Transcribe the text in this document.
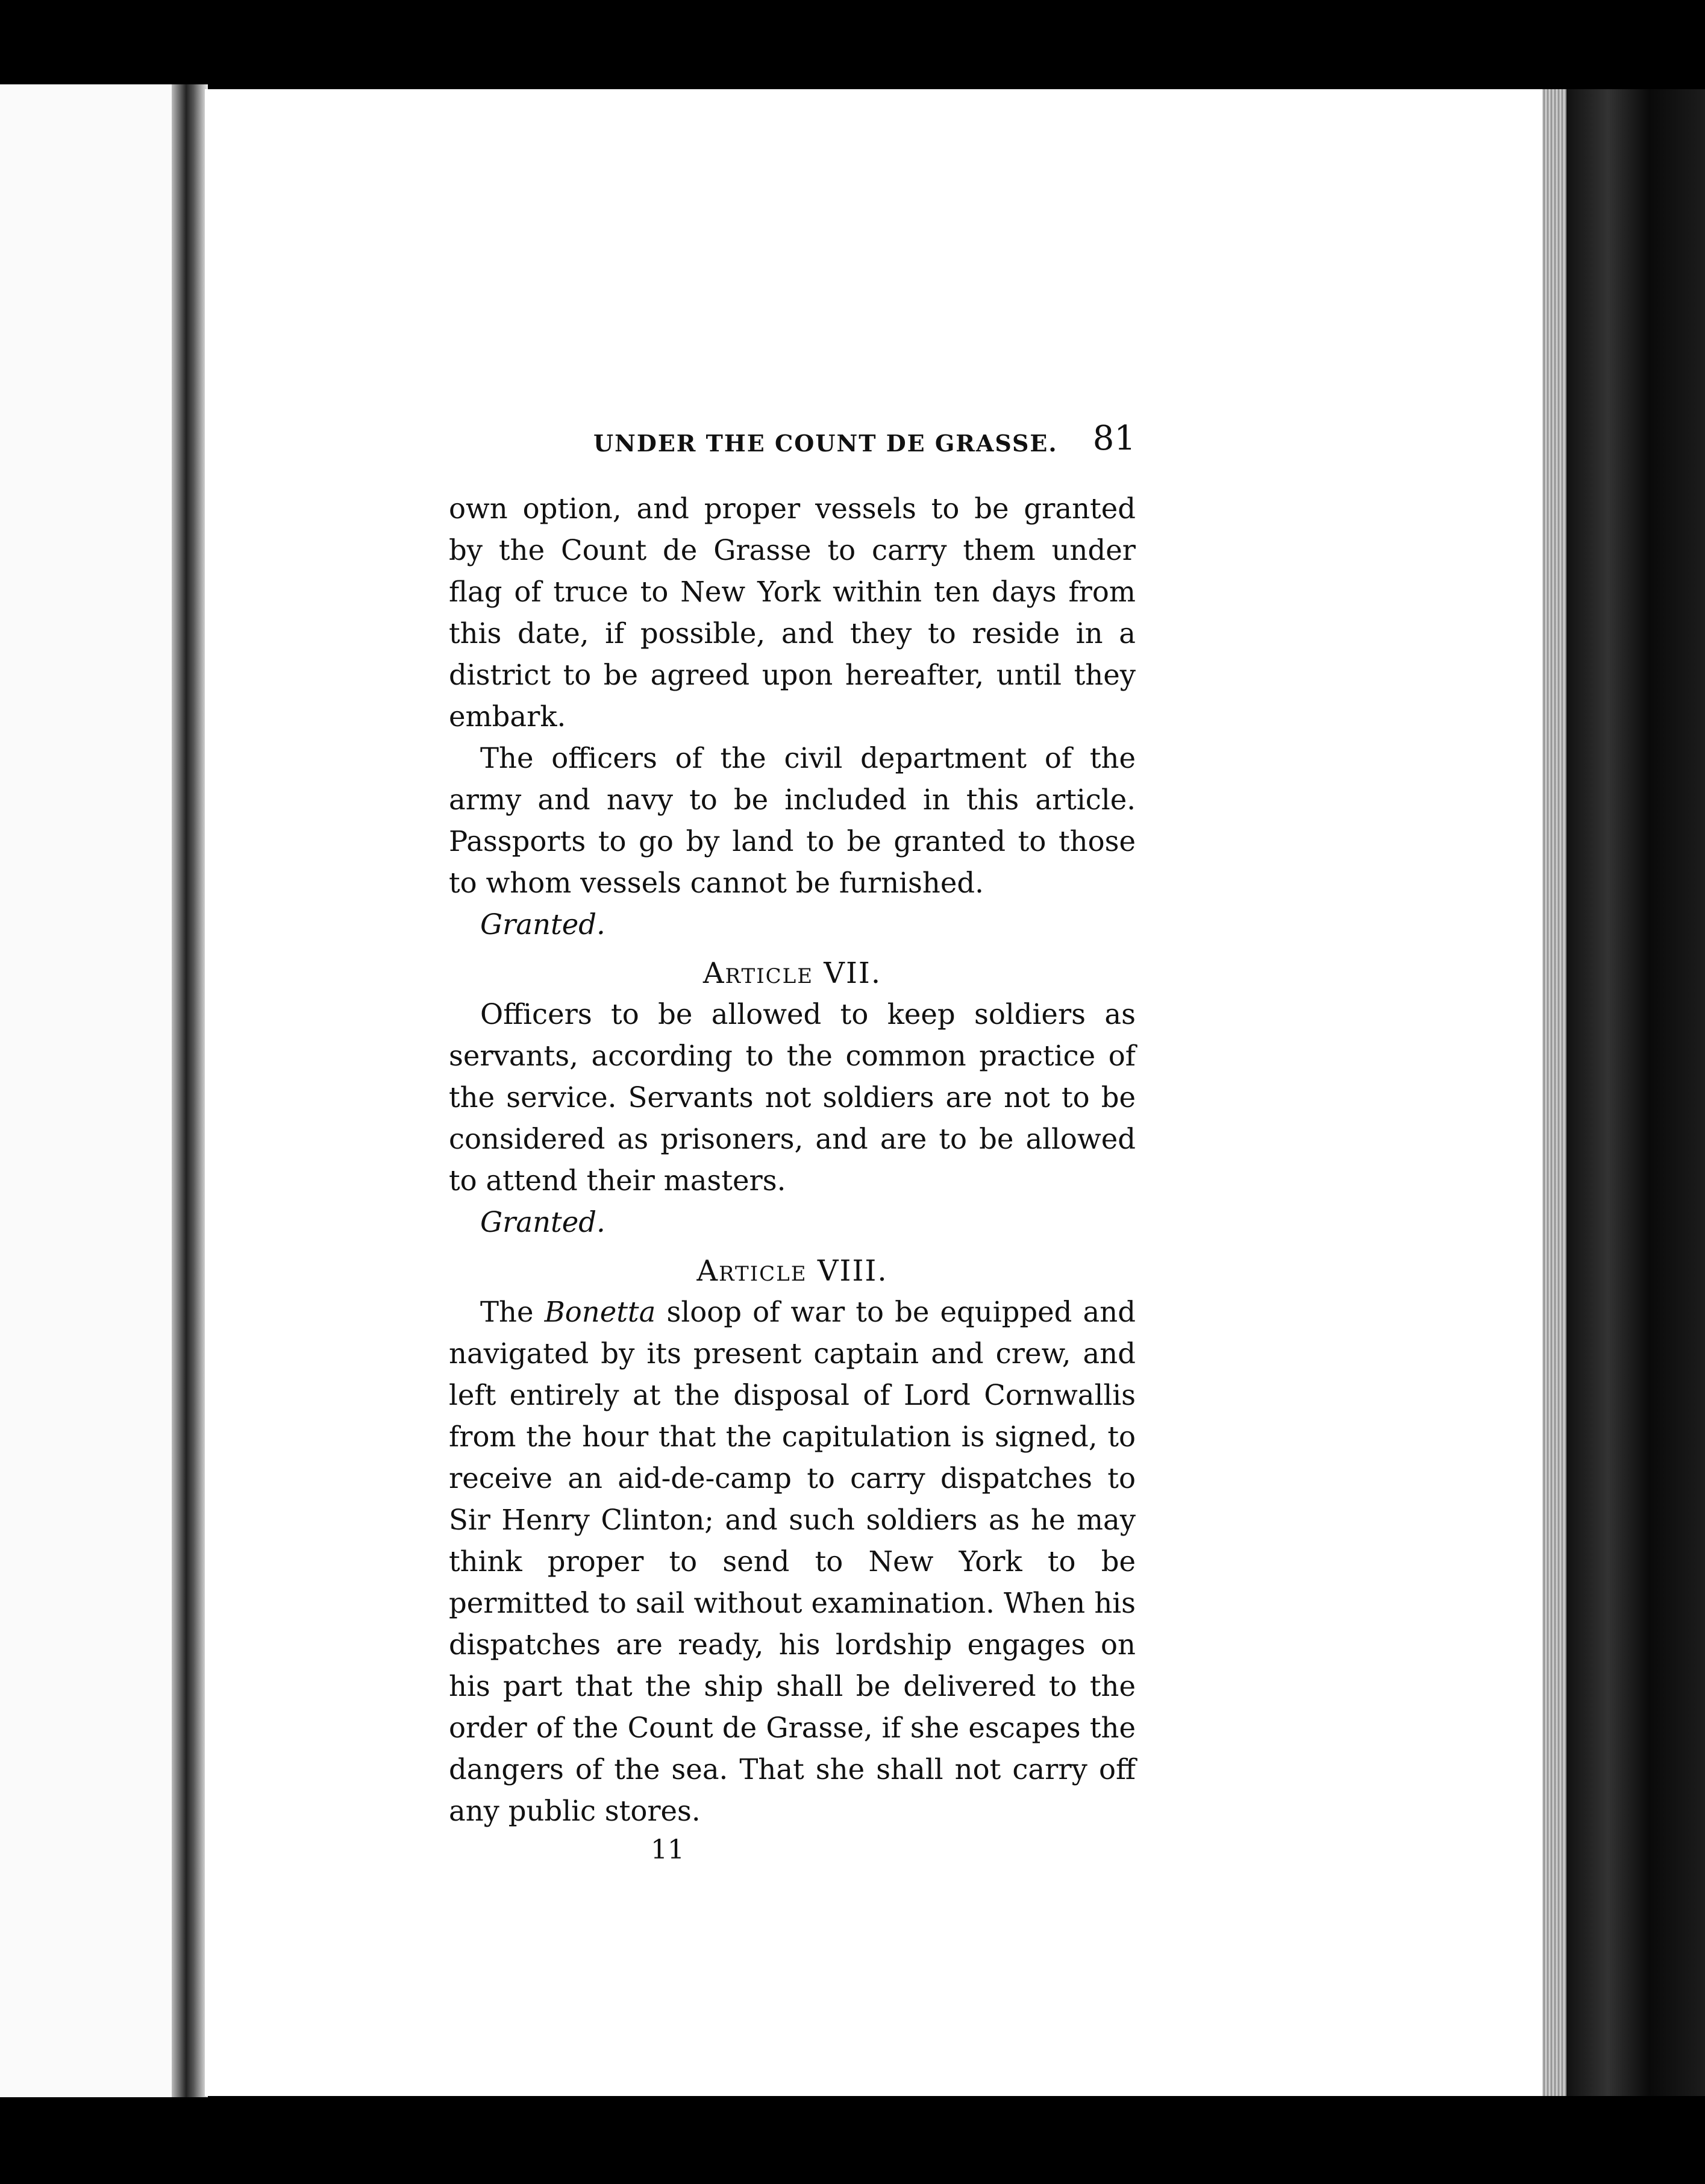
UNDER THE COUNT DE GRASSE. 81

own option, and proper vessels to be granted by the Count de Grasse to carry them under flag of truce to New York within ten days from this date, if possible, and they to reside in a district to be agreed upon hereafter, until they embark.

The officers of the civil department of the army and navy to be included in this article. Passports to go by land to be granted to those to whom vessels cannot be furnished.

Granted.

Article VII.

Officers to be allowed to keep soldiers as servants, according to the common practice of the service. Servants not soldiers are not to be considered as prisoners, and are to be allowed to attend their masters.

Granted.

Article VIII.

The Bonetta sloop of war to be equipped and navigated by its present captain and crew, and left entirely at the disposal of Lord Cornwallis from the hour that the capitulation is signed, to receive an aid-de-camp to carry dispatches to Sir Henry Clinton; and such soldiers as he may think proper to send to New York to be permitted to sail without examination. When his dispatches are ready, his lordship engages on his part that the ship shall be delivered to the order of the Count de Grasse, if she escapes the dangers of the sea. That she shall not carry off any public stores.

11
